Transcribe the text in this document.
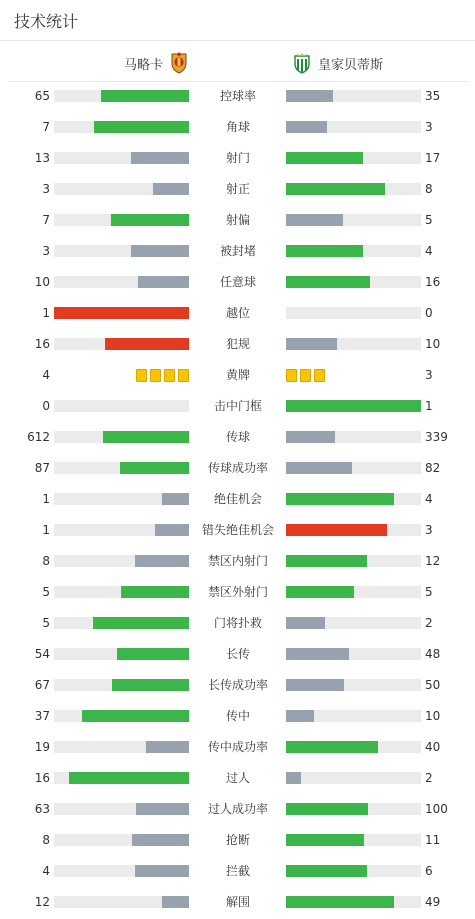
技术统计
马略卡	皇家贝蒂斯
65	控球率	35
7	角球	3
13	射门	17
3	射正	8
7	射偏	5
3	被封堵	4
10	任意球	16
1	越位	0
16	犯规	10
4	黄牌	3
0	击中门框	1
612	传球	339
87	传球成功率	82
1	绝佳机会	4
1	错失绝佳机会	3
8	禁区内射门	12
5	禁区外射门	5
5	门将扑救	2
54	长传	48
67	长传成功率	50
37	传中	10
19	传中成功率	40
16	过人	2
63	过人成功率	100
8	抢断	11
4	拦截	6
12	解围	49
